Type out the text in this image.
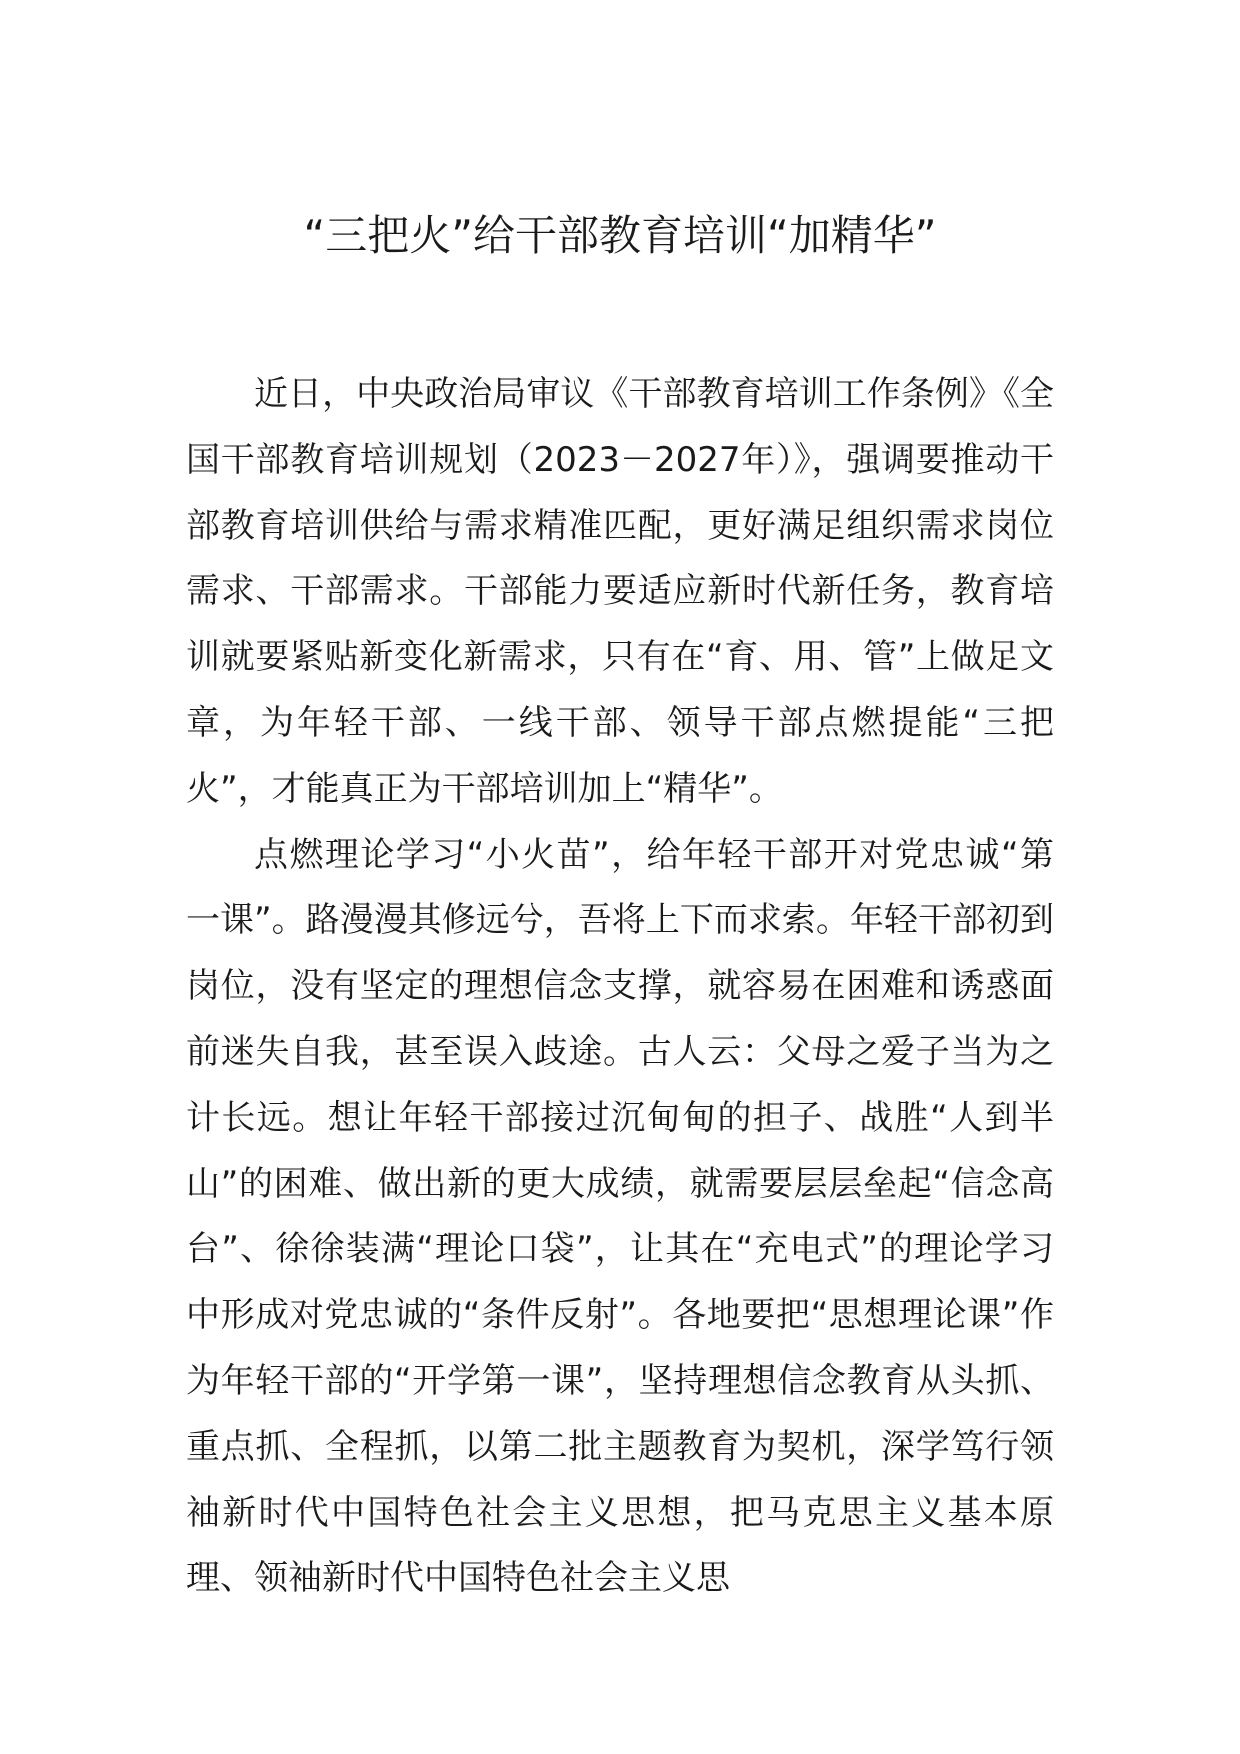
“三把火”给干部教育培训“加精华”

近日，中央政治局审议《干部教育培训工作条例》《全国干部教育培训规划（2023－2027年）》，强调要推动干部教育培训供给与需求精准匹配，更好满足组织需求岗位需求、干部需求。干部能力要适应新时代新任务，教育培训就要紧贴新变化新需求，只有在“育、用、管”上做足文章，为年轻干部、一线干部、领导干部点燃提能“三把火”，才能真正为干部培训加上“精华”。

点燃理论学习“小火苗”，给年轻干部开对党忠诚“第一课”。路漫漫其修远兮，吾将上下而求索。年轻干部初到岗位，没有坚定的理想信念支撑，就容易在困难和诱惑面前迷失自我，甚至误入歧途。古人云：父母之爱子当为之计长远。想让年轻干部接过沉甸甸的担子、战胜“人到半山”的困难、做出新的更大成绩，就需要层层垒起“信念高台”、徐徐装满“理论口袋”，让其在“充电式”的理论学习中形成对党忠诚的“条件反射”。各地要把“思想理论课”作为年轻干部的“开学第一课”，坚持理想信念教育从头抓、重点抓、全程抓，以第二批主题教育为契机，深学笃行领袖新时代中国特色社会主义思想，把马克思主义基本原理、领袖新时代中国特色社会主义思
